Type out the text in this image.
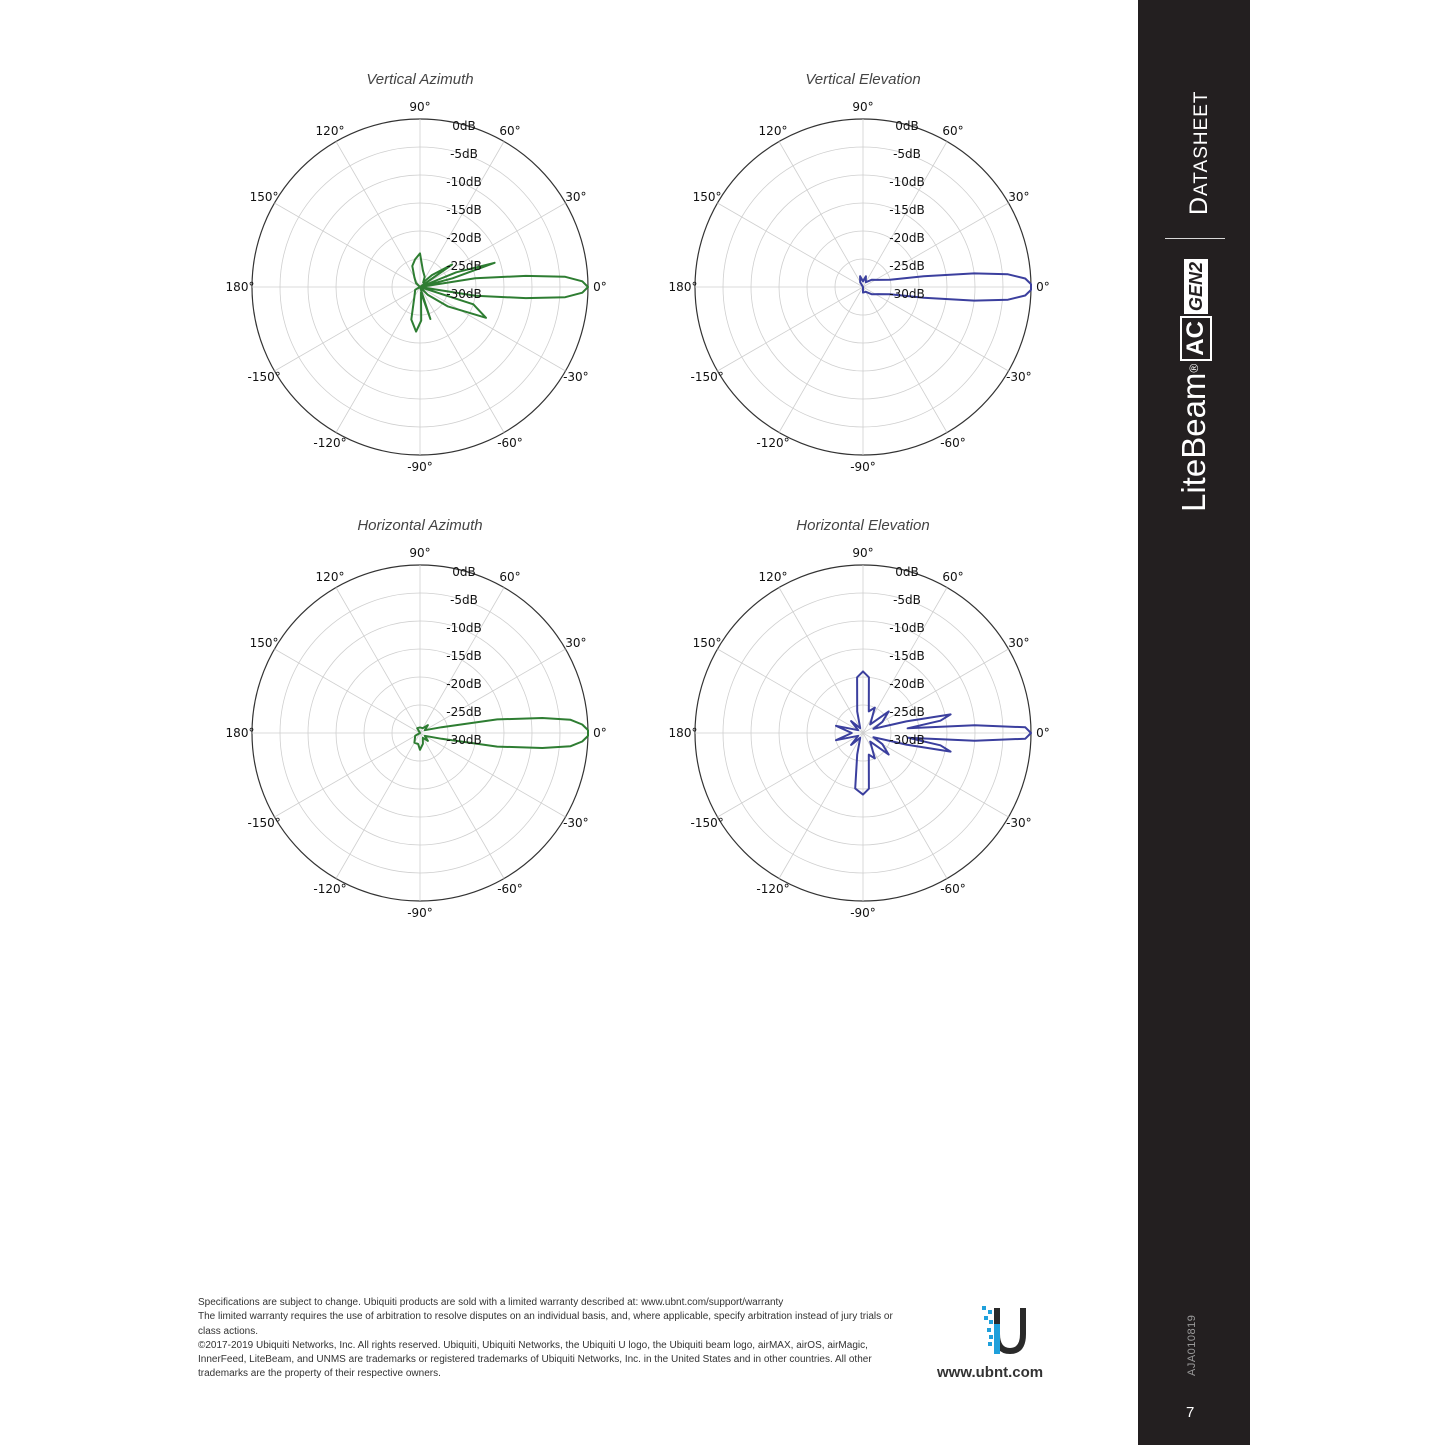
Vertical Azimuth
0°
30°
60°
90°
120°
150°
180°
-150°
-120°
-90°
-60°
-30°
0dB
-5dB
-10dB
-15dB
-20dB
-25dB
-30dB
Vertical Elevation
0°
30°
60°
90°
120°
150°
180°
-150°
-120°
-90°
-60°
-30°
0dB
-5dB
-10dB
-15dB
-20dB
-25dB
-30dB
Horizontal Azimuth
0°
30°
60°
90°
120°
150°
180°
-150°
-120°
-90°
-60°
-30°
0dB
-5dB
-10dB
-15dB
-20dB
-25dB
-30dB
Horizontal Elevation
0°
30°
60°
90°
120°
150°
180°
-150°
-120°
-90°
-60°
-30°
0dB
-5dB
-10dB
-15dB
-20dB
-25dB
-30dB
DATASHEET
LiteBeam®ACGEN2
AJA010819
7

Specifications are subject to change. Ubiquiti products are sold with a limited warranty described at: www.ubnt.com/support/warranty

The limited warranty requires the use of arbitration to resolve disputes on an individual basis, and, where applicable, specify arbitration instead of jury trials or class actions.

©2017-2019 Ubiquiti Networks, Inc. All rights reserved. Ubiquiti, Ubiquiti Networks, the Ubiquiti U logo, the Ubiquiti beam logo, airMAX, airOS, airMagic, InnerFeed, LiteBeam, and UNMS are trademarks or registered trademarks of Ubiquiti Networks, Inc. in the United States and in other countries. All other trademarks are the property of their respective owners.	www.ubnt.com
